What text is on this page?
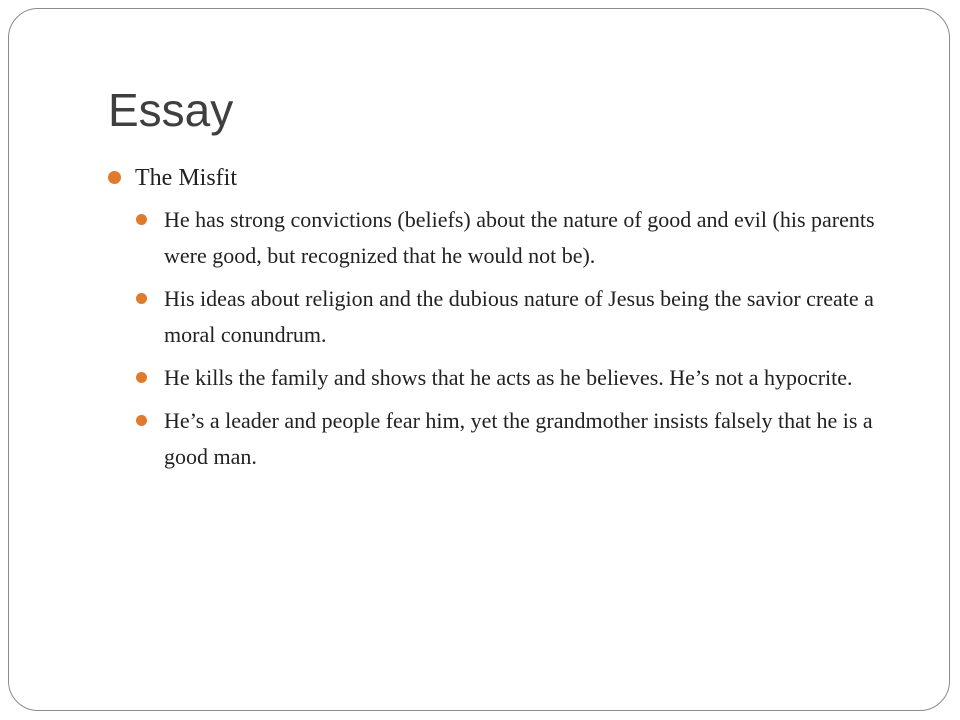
Essay
The Misfit
He has strong convictions (beliefs) about the nature of good and evil (his parents were good, but recognized that he would not be).
His ideas about religion and the dubious nature of Jesus being the savior create a moral conundrum.
He kills the family and shows that he acts as he believes. He’s not a hypocrite.
He’s a leader and people fear him, yet the grandmother insists falsely that he is a good man.
